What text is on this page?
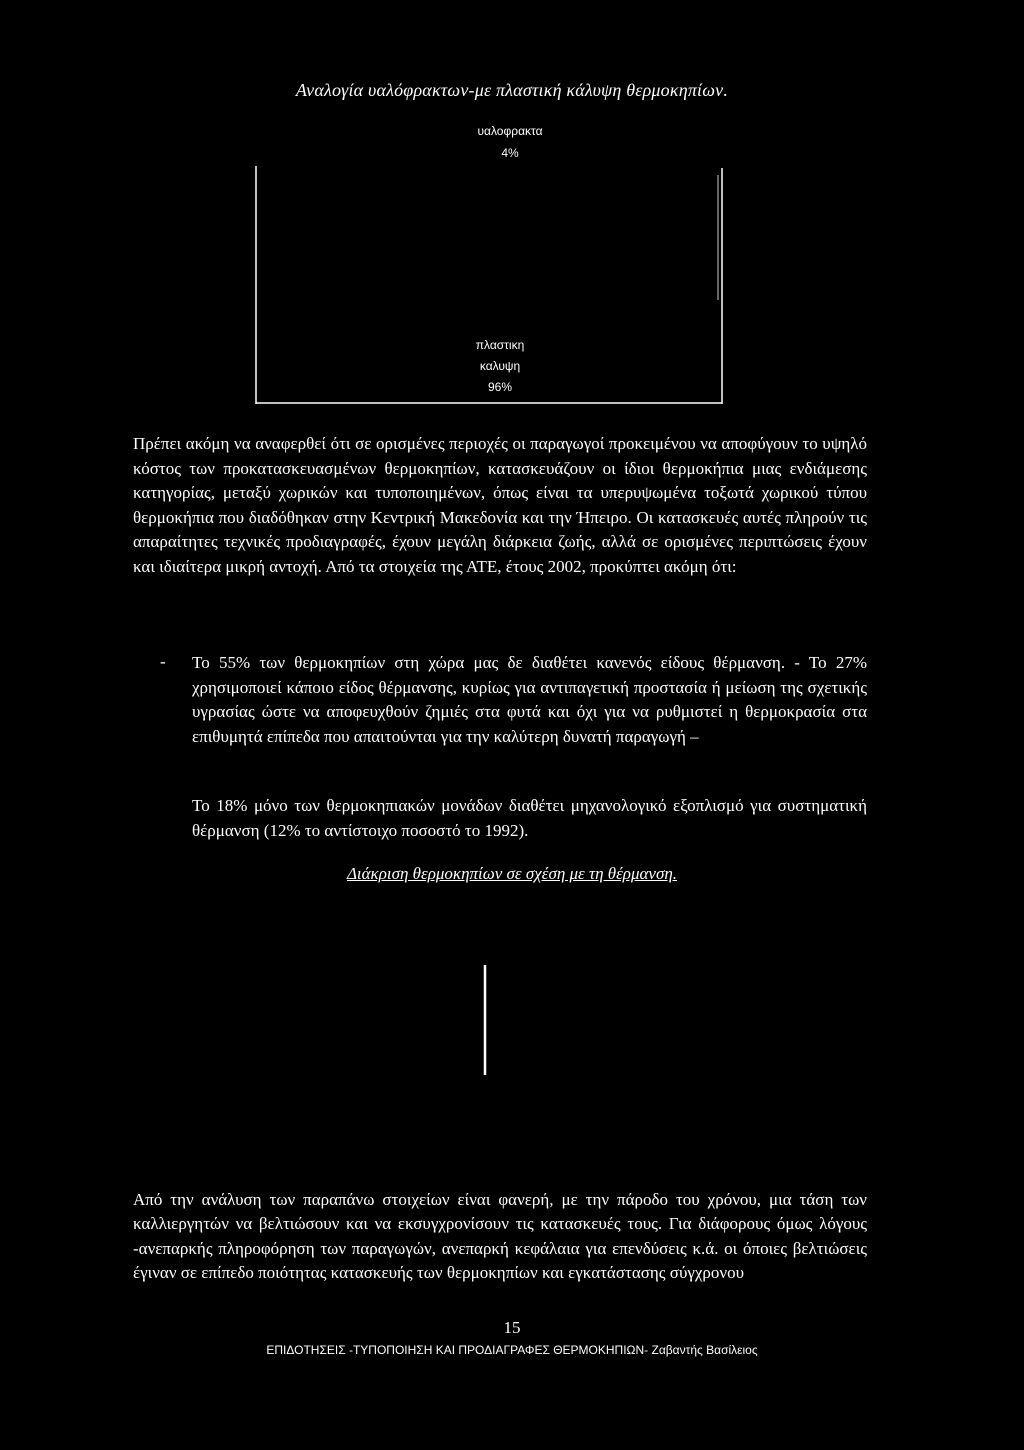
Αναλογία υαλόφρακτων-με πλαστική κάλυψη θερμοκηπίων.
υαλοφρακτα
4%
πλαστικη
καλυψη
96%
Πρέπει ακόμη να αναφερθεί ότι σε ορισμένες περιοχές οι παραγωγοί προκειμένου να αποφύγουν το υψηλό κόστος των προκατασκευασμένων θερμοκηπίων, κατασκευάζουν οι ίδιοι θερμοκήπια μιας ενδιάμεσης κατηγορίας, μεταξύ χωρικών και τυποποιημένων, όπως είναι τα υπερυψωμένα τοξωτά χωρικού τύπου θερμοκήπια που διαδόθηκαν στην Κεντρική Μακεδονία και την Ήπειρο. Οι κατασκευές αυτές πληρούν τις απαραίτητες τεχνικές προδιαγραφές, έχουν μεγάλη διάρκεια ζωής, αλλά σε ορισμένες περιπτώσεις έχουν και ιδιαίτερα μικρή αντοχή. Από τα στοιχεία της ΑΤΕ, έτους 2002, προκύπτει ακόμη ότι:
- Το 55% των θερμοκηπίων στη χώρα μας δε διαθέτει κανενός είδους θέρμανση. - Το 27% χρησιμοποιεί κάποιο είδος θέρμανσης, κυρίως για αντιπαγετική προστασία ή μείωση της σχετικής υγρασίας ώστε να αποφευχθούν ζημιές στα φυτά και όχι για να ρυθμιστεί η θερμοκρασία στα επιθυμητά επίπεδα που απαιτούνται για την καλύτερη δυνατή παραγωγή –
Το 18% μόνο των θερμοκηπιακών μονάδων διαθέτει μηχανολογικό εξοπλισμό για συστηματική θέρμανση (12% το αντίστοιχο ποσοστό το 1992).
Διάκριση θερμοκηπίων σε σχέση με τη θέρμανση.
Από την ανάλυση των παραπάνω στοιχείων είναι φανερή, με την πάροδο του χρόνου, μια τάση των καλλιεργητών να βελτιώσουν και να εκσυγχρονίσουν τις κατασκευές τους. Για διάφορους όμως λόγους -ανεπαρκής πληροφόρηση των παραγωγών, ανεπαρκή κεφάλαια για επενδύσεις κ.ά. οι όποιες βελτιώσεις έγιναν σε επίπεδο ποιότητας κατασκευής των θερμοκηπίων και εγκατάστασης σύγχρονου
15
ΕΠΙΔΟΤΗΣΕΙΣ -ΤΥΠΟΠΟΙΗΣΗ ΚΑΙ ΠΡΟΔΙΑΓΡΑΦΕΣ ΘΕΡΜΟΚΗΠΙΩΝ- Ζαβαντής Βασίλειος
